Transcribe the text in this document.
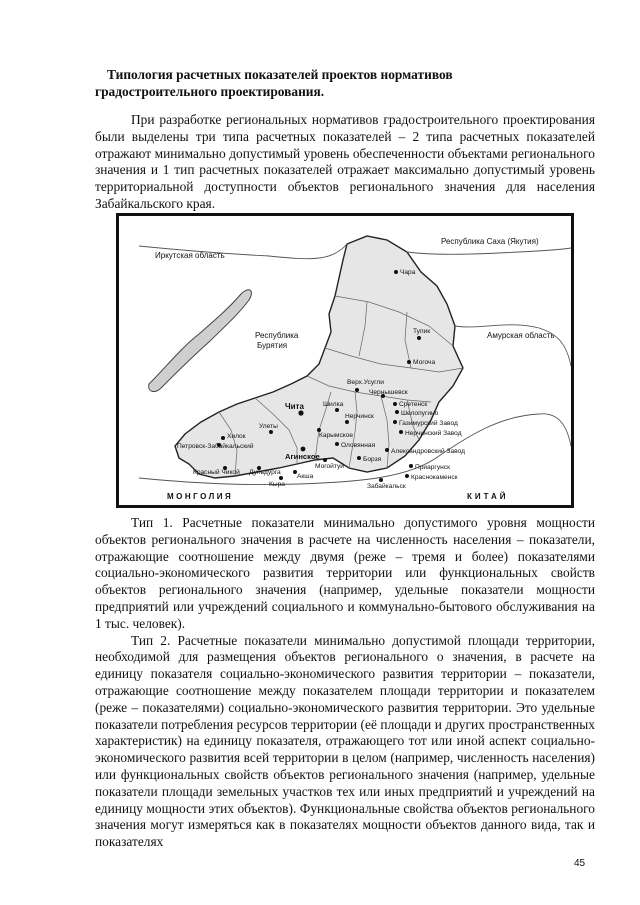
Типология расчетных показателей проектов нормативов градостроительного проектирования.

При разработке региональных нормативов градостроительного проектирования были выделены три типа расчетных показателей – 2 типа расчетных показателей отражают минимально допустимый уровень обеспеченности объектами регионального значения и 1 тип расчетных показателей отражает максимально допустимый уровень территориальной доступности объектов регионального значения для населения Забайкальского края.

Иркутская область
Республика Саха (Якутия)
Республика
Бурятия
Амурская область
МОНГОЛИЯ	КИТАЙ
Чара
Тупик
Могоча
Верх.Усугли
Чернышевск
Сретенск
Чита
Шелопугино
Газимурский Завод
Нерчинский Завод
Александровский Завод
Петровск-Забайкальский
Хилок
Улеты
Агинское
Красный Чикой Дульдурга
Борзя
Приаргунск
Краснокаменск
Шилка
Нерчинск
Оловянная
Карымское
Могойтуй
Кыра
Акша
Забайкальск

Тип 1. Расчетные показатели минимально допустимого уровня мощности объектов регионального значения в расчете на численность населения – показатели, отражающие соотношение между двумя (реже – тремя и более) показателями социально-экономического развития территории или функциональных свойств объектов регионального значения (например, удельные показатели мощности предприятий или учреждений социального и коммунально-бытового обслуживания на 1 тыс. человек).

Тип 2. Расчетные показатели минимально допустимой площади территории, необходимой для размещения объектов регионального о значения, в расчете на единицу показателя социально-экономического развития территории – показатели, отражающие соотношение между показателем площади территории и показателем (реже – показателями) социально-экономического развития территории. Это удельные показатели потребления ресурсов территории (её площади и других пространственных характеристик) на единицу показателя, отражающего тот или иной аспект социально-экономического развития всей территории в целом (например, численность населения) или функциональных свойств объектов регионального значения (например, удельные показатели площади земельных участков тех или иных предприятий и учреждений на единицу мощности этих объектов). Функциональные свойства объектов регионального значения могут измеряться как в показателях мощности объектов данного вида, так и показателях

45
